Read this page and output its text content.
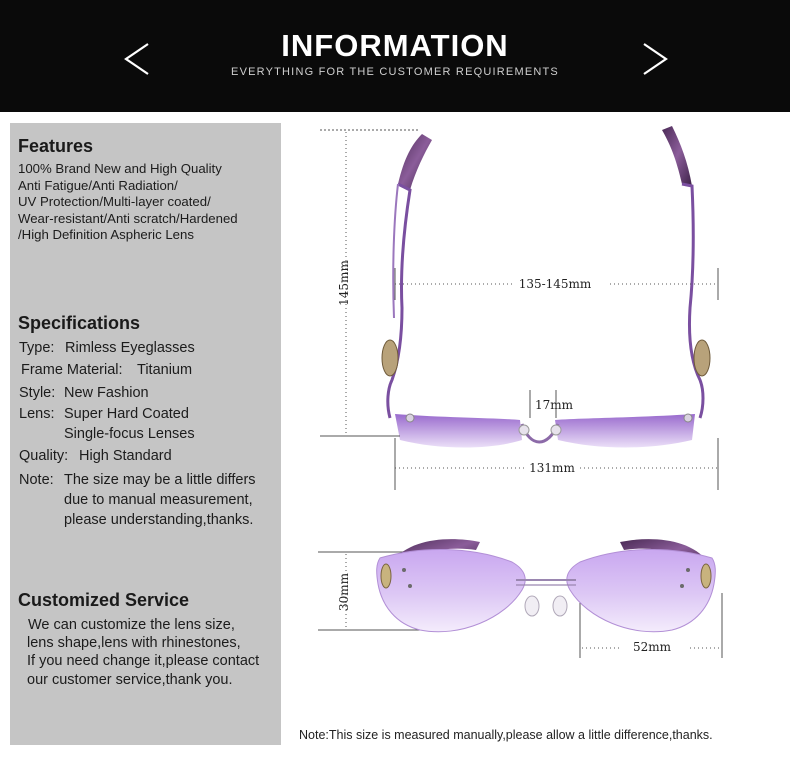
INFORMATION
EVERYTHING FOR THE CUSTOMER REQUIREMENTS
Features
100% Brand New and High Quality
Anti Fatigue/Anti Radiation/
UV Protection/Multi-layer coated/
Wear-resistant/Anti scratch/Hardened
/High Definition Aspheric Lens
Specifications
Type: Rimless Eyeglasses
Frame Material: Titanium
Style: New Fashion
Lens: Super Hard Coated
Single-focus Lenses
Quality: High Standard
Note: The size may be a little differs
due to manual measurement,
please understanding,thanks.
Customized Service
We can customize the lens size,
lens shape,lens with rhinestones,
If you need change it,please contact
our customer service,thank you.
145mm	135-145mm
17mm
131mm
30mm
52mm
Note:This size is measured manually,please allow a little difference,thanks.
